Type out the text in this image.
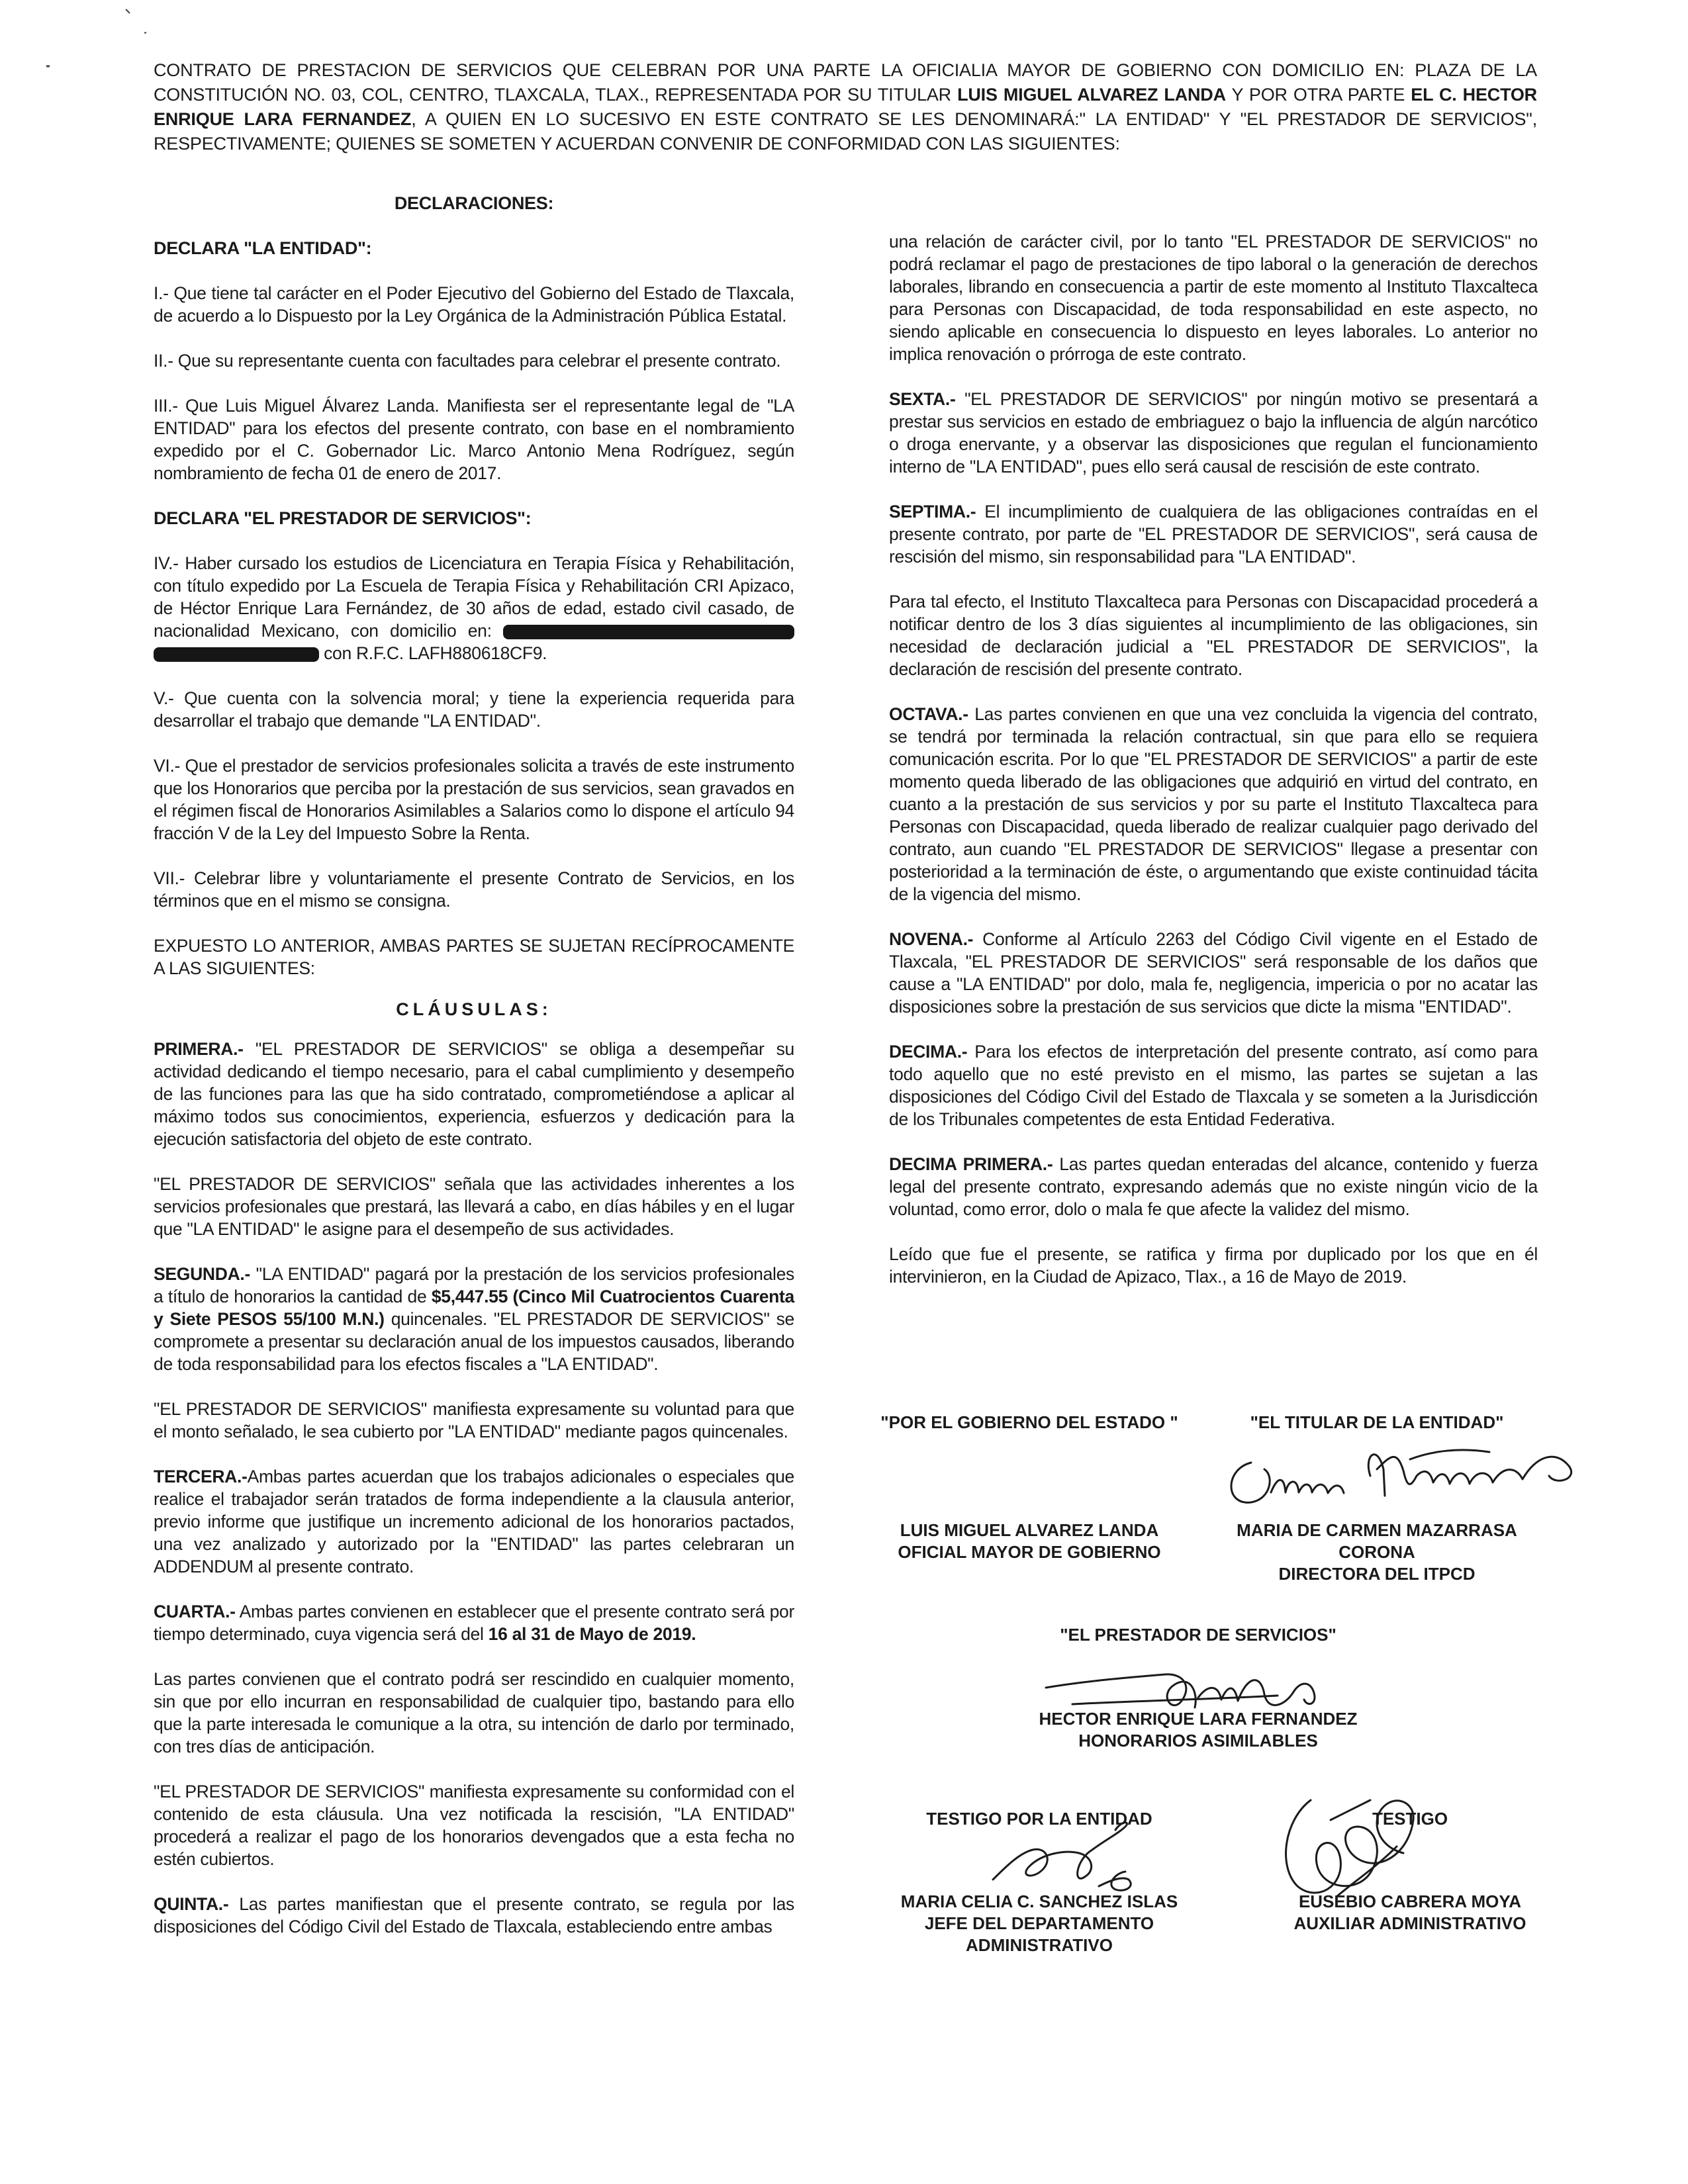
CONTRATO DE PRESTACION DE SERVICIOS QUE CELEBRAN POR UNA PARTE LA OFICIALIA MAYOR DE GOBIERNO CON DOMICILIO EN: PLAZA DE LA CONSTITUCIÓN NO. 03, COL, CENTRO, TLAXCALA, TLAX., REPRESENTADA POR SU TITULAR LUIS MIGUEL ALVAREZ LANDA Y POR OTRA PARTE EL C. HECTOR ENRIQUE LARA FERNANDEZ, A QUIEN EN LO SUCESIVO EN ESTE CONTRATO SE LES DENOMINARÁ:" LA ENTIDAD" Y "EL PRESTADOR DE SERVICIOS", RESPECTIVAMENTE; QUIENES SE SOMETEN Y ACUERDAN CONVENIR DE CONFORMIDAD CON LAS SIGUIENTES:
DECLARACIONES:
DECLARA "LA ENTIDAD":

I.- Que tiene tal carácter en el Poder Ejecutivo del Gobierno del Estado de Tlaxcala, de acuerdo a lo Dispuesto por la Ley Orgánica de la Administración Pública Estatal.

II.- Que su representante cuenta con facultades para celebrar el presente contrato.

III.- Que Luis Miguel Álvarez Landa. Manifiesta ser el representante legal de "LA ENTIDAD" para los efectos del presente contrato, con base en el nombramiento expedido por el C. Gobernador Lic. Marco Antonio Mena Rodríguez, según nombramiento de fecha 01 de enero de 2017.

DECLARA "EL PRESTADOR DE SERVICIOS":

IV.- Haber cursado los estudios de Licenciatura en Terapia Física y Rehabilitación, con título expedido por La Escuela de Terapia Física y Rehabilitación CRI Apizaco, de Héctor Enrique Lara Fernández, de 30 años de edad, estado civil casado, de nacionalidad Mexicano, con domicilio en:   con R.F.C. LAFH880618CF9.

V.- Que cuenta con la solvencia moral; y tiene la experiencia requerida para desarrollar el trabajo que demande "LA ENTIDAD".

VI.- Que el prestador de servicios profesionales solicita a través de este instrumento que los Honorarios que perciba por la prestación de sus servicios, sean gravados en el régimen fiscal de Honorarios Asimilables a Salarios como lo dispone el artículo 94 fracción V de la Ley del Impuesto Sobre la Renta.

VII.- Celebrar libre y voluntariamente el presente Contrato de Servicios, en los términos que en el mismo se consigna.

EXPUESTO LO ANTERIOR, AMBAS PARTES SE SUJETAN RECÍPROCAMENTE A LAS SIGUIENTES:

CLÁUSULAS:

PRIMERA.- "EL PRESTADOR DE SERVICIOS" se obliga a desempeñar su actividad dedicando el tiempo necesario, para el cabal cumplimiento y desempeño de las funciones para las que ha sido contratado, comprometiéndose a aplicar al máximo todos sus conocimientos, experiencia, esfuerzos y dedicación para la ejecución satisfactoria del objeto de este contrato.

"EL PRESTADOR DE SERVICIOS" señala que las actividades inherentes a los servicios profesionales que prestará, las llevará a cabo, en días hábiles y en el lugar que "LA ENTIDAD" le asigne para el desempeño de sus actividades.

SEGUNDA.- "LA ENTIDAD" pagará por la prestación de los servicios profesionales a título de honorarios la cantidad de $5,447.55 (Cinco Mil Cuatrocientos Cuarenta y Siete PESOS 55/100 M.N.) quincenales. "EL PRESTADOR DE SERVICIOS" se compromete a presentar su declaración anual de los impuestos causados, liberando de toda responsabilidad para los efectos fiscales a "LA ENTIDAD".

"EL PRESTADOR DE SERVICIOS" manifiesta expresamente su voluntad para que el monto señalado, le sea cubierto por "LA ENTIDAD" mediante pagos quincenales.

TERCERA.-Ambas partes acuerdan que los trabajos adicionales o especiales que realice el trabajador serán tratados de forma independiente a la clausula anterior, previo informe que justifique un incremento adicional de los honorarios pactados, una vez analizado y autorizado por la "ENTIDAD" las partes celebraran un ADDENDUM al presente contrato.

CUARTA.- Ambas partes convienen en establecer que el presente contrato será por tiempo determinado, cuya vigencia será del 16 al 31 de Mayo de 2019.

Las partes convienen que el contrato podrá ser rescindido en cualquier momento, sin que por ello incurran en responsabilidad de cualquier tipo, bastando para ello que la parte interesada le comunique a la otra, su intención de darlo por terminado, con tres días de anticipación.

"EL PRESTADOR DE SERVICIOS" manifiesta expresamente su conformidad con el contenido de esta cláusula. Una vez notificada la rescisión, "LA ENTIDAD" procederá a realizar el pago de los honorarios devengados que a esta fecha no estén cubiertos.

QUINTA.- Las partes manifiestan que el presente contrato, se regula por las disposiciones del Código Civil del Estado de Tlaxcala, estableciendo entre ambas

una relación de carácter civil, por lo tanto "EL PRESTADOR DE SERVICIOS" no podrá reclamar el pago de prestaciones de tipo laboral o la generación de derechos laborales, librando en consecuencia a partir de este momento al Instituto Tlaxcalteca para Personas con Discapacidad, de toda responsabilidad en este aspecto, no siendo aplicable en consecuencia lo dispuesto en leyes laborales. Lo anterior no implica renovación o prórroga de este contrato.

SEXTA.- "EL PRESTADOR DE SERVICIOS" por ningún motivo se presentará a prestar sus servicios en estado de embriaguez o bajo la influencia de algún narcótico o droga enervante, y a observar las disposiciones que regulan el funcionamiento interno de "LA ENTIDAD", pues ello será causal de rescisión de este contrato.

SEPTIMA.- El incumplimiento de cualquiera de las obligaciones contraídas en el presente contrato, por parte de "EL PRESTADOR DE SERVICIOS", será causa de rescisión del mismo, sin responsabilidad para "LA ENTIDAD".

Para tal efecto, el Instituto Tlaxcalteca para Personas con Discapacidad procederá a notificar dentro de los 3 días siguientes al incumplimiento de las obligaciones, sin necesidad de declaración judicial a "EL PRESTADOR DE SERVICIOS", la declaración de rescisión del presente contrato.

OCTAVA.- Las partes convienen en que una vez concluida la vigencia del contrato, se tendrá por terminada la relación contractual, sin que para ello se requiera comunicación escrita. Por lo que "EL PRESTADOR DE SERVICIOS" a partir de este momento queda liberado de las obligaciones que adquirió en virtud del contrato, en cuanto a la prestación de sus servicios y por su parte el Instituto Tlaxcalteca para Personas con Discapacidad, queda liberado de realizar cualquier pago derivado del contrato, aun cuando "EL PRESTADOR DE SERVICIOS" llegase a presentar con posterioridad a la terminación de éste, o argumentando que existe continuidad tácita de la vigencia del mismo.

NOVENA.- Conforme al Artículo 2263 del Código Civil vigente en el Estado de Tlaxcala, "EL PRESTADOR DE SERVICIOS" será responsable de los daños que cause a "LA ENTIDAD" por dolo, mala fe, negligencia, impericia o por no acatar las disposiciones sobre la prestación de sus servicios que dicte la misma "ENTIDAD".

DECIMA.- Para los efectos de interpretación del presente contrato, así como para todo aquello que no esté previsto en el mismo, las partes se sujetan a las disposiciones del Código Civil del Estado de Tlaxcala y se someten a la Jurisdicción de los Tribunales competentes de esta Entidad Federativa.

DECIMA PRIMERA.- Las partes quedan enteradas del alcance, contenido y fuerza legal del presente contrato, expresando además que no existe ningún vicio de la voluntad, como error, dolo o mala fe que afecte la validez del mismo.

Leído que fue el presente, se ratifica y firma por duplicado por los que en él intervinieron, en la Ciudad de Apizaco, Tlax., a 16 de Mayo de 2019.

"POR EL GOBIERNO DEL ESTADO "
LUIS MIGUEL ALVAREZ LANDA
OFICIAL MAYOR DE GOBIERNO
"EL TITULAR DE LA ENTIDAD"
MARIA DE CARMEN MAZARRASA
CORONA
DIRECTORA DEL ITPCD
"EL PRESTADOR DE SERVICIOS"
HECTOR ENRIQUE LARA FERNANDEZ
HONORARIOS ASIMILABLES
TESTIGO POR LA ENTIDAD
MARIA CELIA C. SANCHEZ ISLAS
JEFE DEL DEPARTAMENTO
ADMINISTRATIVO
TESTIGO
EUSEBIO CABRERA MOYA
AUXILIAR ADMINISTRATIVO
